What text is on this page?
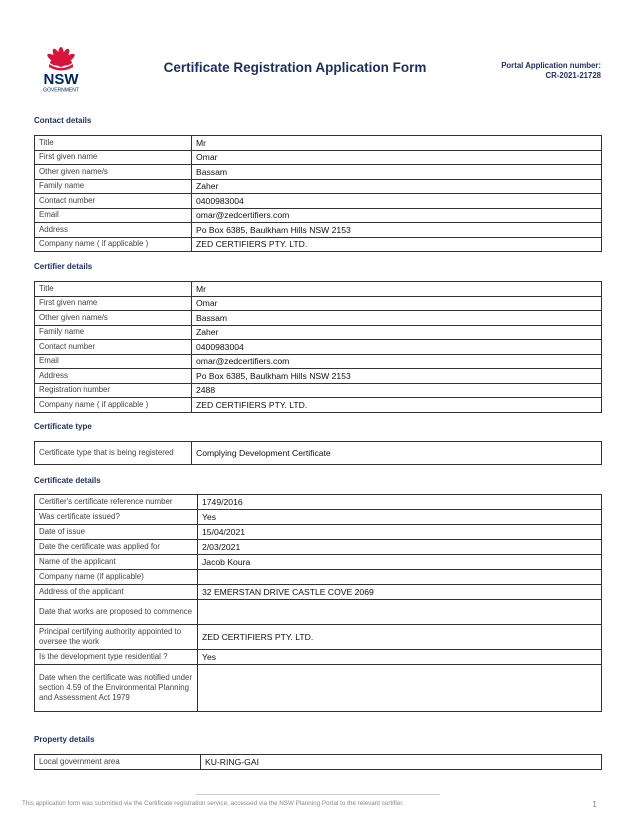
NSW
GOVERNMENT
Certificate Registration Application Form	Portal Application number:
CR-2021-21728
Contact details
Title	Mr
First given name	Omar
Other given name/s	Bassam
Family name	Zaher
Contact number	0400983004
Email	omar@zedcertifiers.com
Address	Po Box 6385, Baulkham Hills NSW 2153
Company name ( if applicable )	ZED CERTIFIERS PTY. LTD.
Certifier details
Title	Mr
First given name	Omar
Other given name/s	Bassam
Family name	Zaher
Contact number	0400983004
Email	omar@zedcertifiers.com
Address	Po Box 6385, Baulkham Hills NSW 2153
Registration number	2488
Company name ( if applicable )	ZED CERTIFIERS PTY. LTD.
Certificate type
Certificate type that is being registered	Complying Development Certificate
Certificate details
Certifier's certificate reference number	1749/2016
Was certificate issued?	Yes
Date of issue	15/04/2021
Date the certificate was applied for	2/03/2021
Name of the applicant	Jacob Koura
Company name (if applicable)	
Address of the applicant	32 EMERSTAN DRIVE CASTLE COVE 2069
Date that works are proposed to commence	
Principal certifying authority appointed to oversee the work	ZED CERTIFIERS PTY. LTD.
Is the development type residential ?	Yes
Date when the certificate was notified under section 4.59 of the Environmental Planning and Assessment Act 1979	
Property details
Local government area	KU-RING-GAI
This application form was submitted via the Certificate registration service, accessed via the NSW Planning Portal to the relevant certifier.	1
